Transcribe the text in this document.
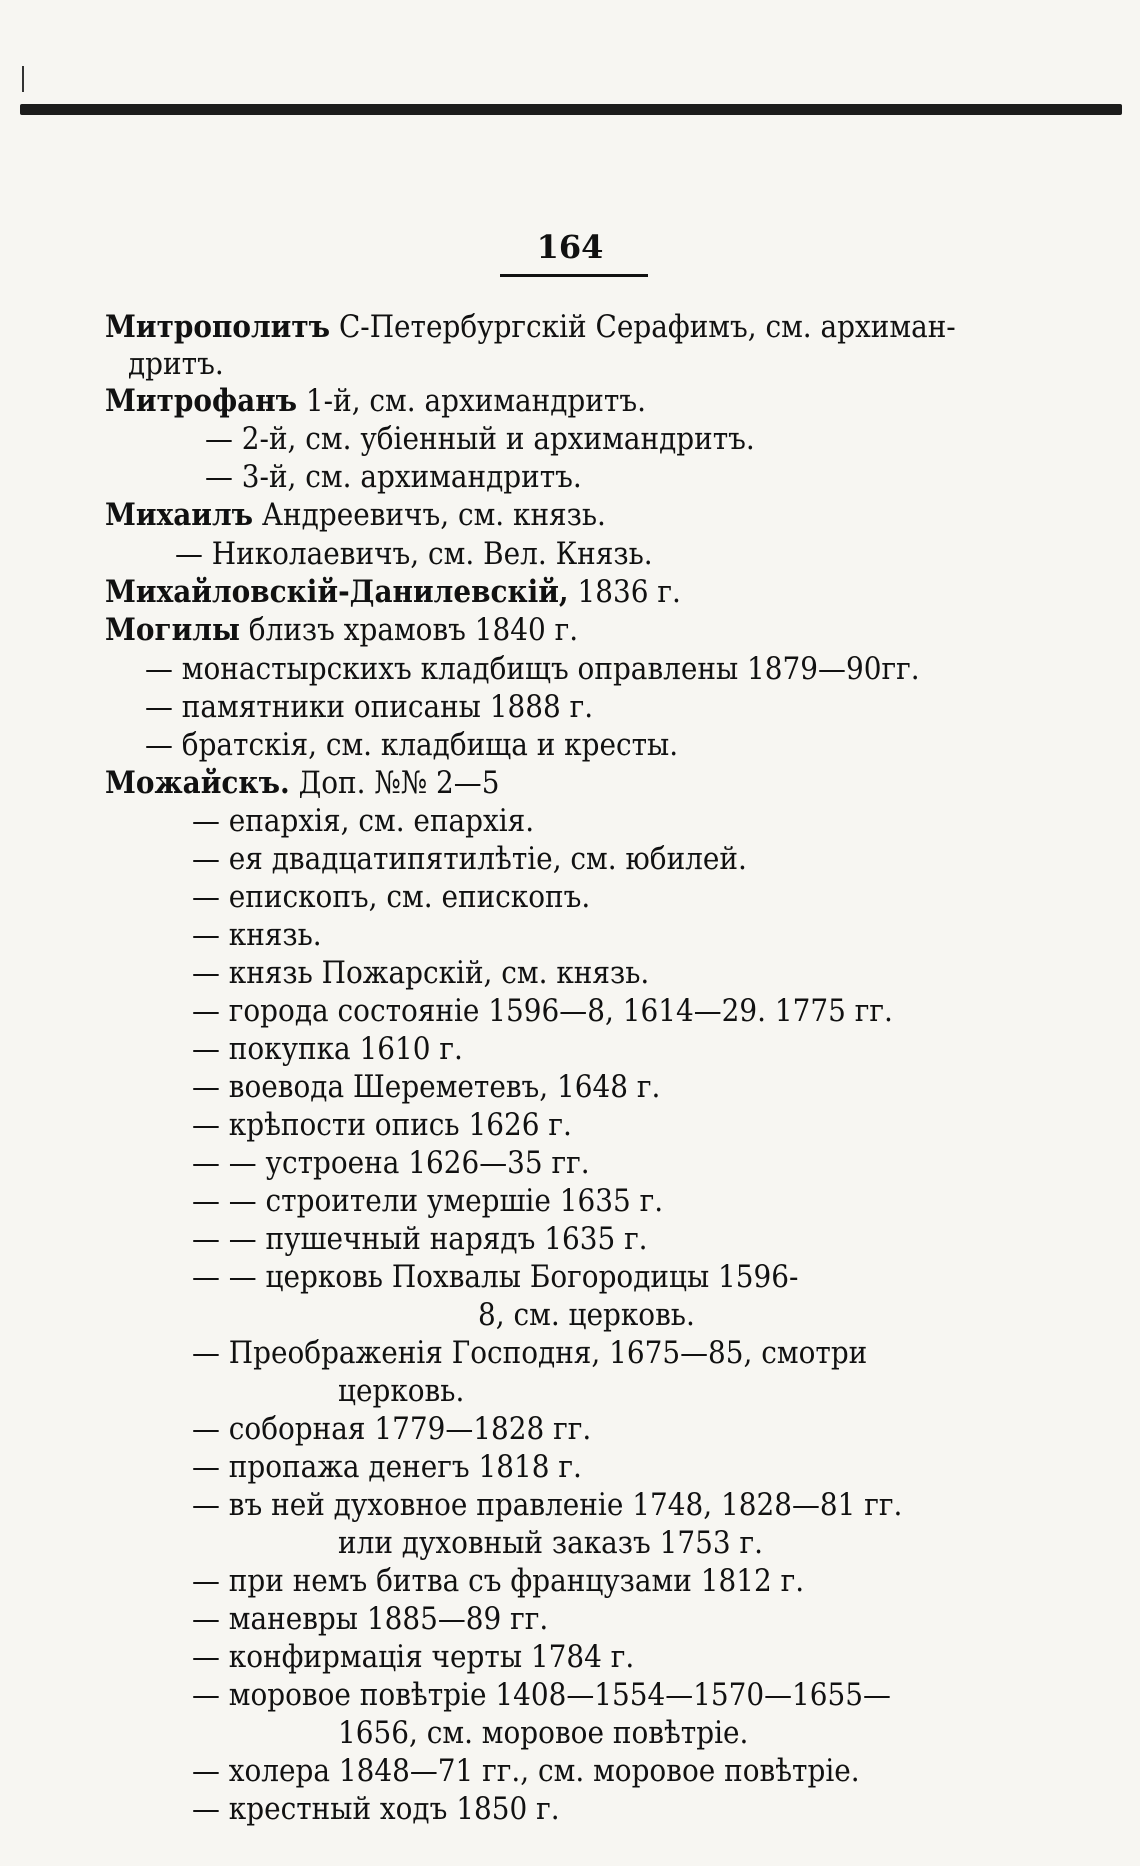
164
Митрополитъ С-Петербургскій Серафимъ, см. архиман-
дритъ.
Митрофанъ 1-й, см. архимандритъ.
— 2-й, см. убіенный и архимандритъ.
— 3-й, см. архимандритъ.
Михаилъ Андреевичъ, см. князь.
— Николаевичъ, см. Вел. Князь.
Михайловскій-Данилевскій, 1836 г.
Могилы близъ храмовъ 1840 г.
— монастырскихъ кладбищъ оправлены 1879—90гг.
— памятники описаны 1888 г.
— братскія, см. кладбища и кресты.
Можайскъ. Доп. №№ 2—5
— епархія, см. епархія.
— ея двадцатипятилѣтіе, см. юбилей.
— епископъ, см. епископъ.
— князь.
— князь Пожарскій, см. князь.
— города состояніе 1596—8, 1614—29. 1775 гг.
— покупка 1610 г.
— воевода Шереметевъ, 1648 г.
— крѣпости опись 1626 г.
— — устроена 1626—35 гг.
— — строители умершіе 1635 г.
— — пушечный нарядъ 1635 г.
— — церковь Похвалы Богородицы 1596-
8, см. церковь.
— Преображенія Господня, 1675—85, смотри
церковь.
— соборная 1779—1828 гг.
— пропажа денегъ 1818 г.
— въ ней духовное правленіе 1748, 1828—81 гг.
или духовный заказъ 1753 г.
— при немъ битва съ французами 1812 г.
— маневры 1885—89 гг.
— конфирмація черты 1784 г.
— моровое повѣтріе 1408—1554—1570—1655—
1656, см. моровое повѣтріе.
— холера 1848—71 гг., см. моровое повѣтріе.
— крестный ходъ 1850 г.
